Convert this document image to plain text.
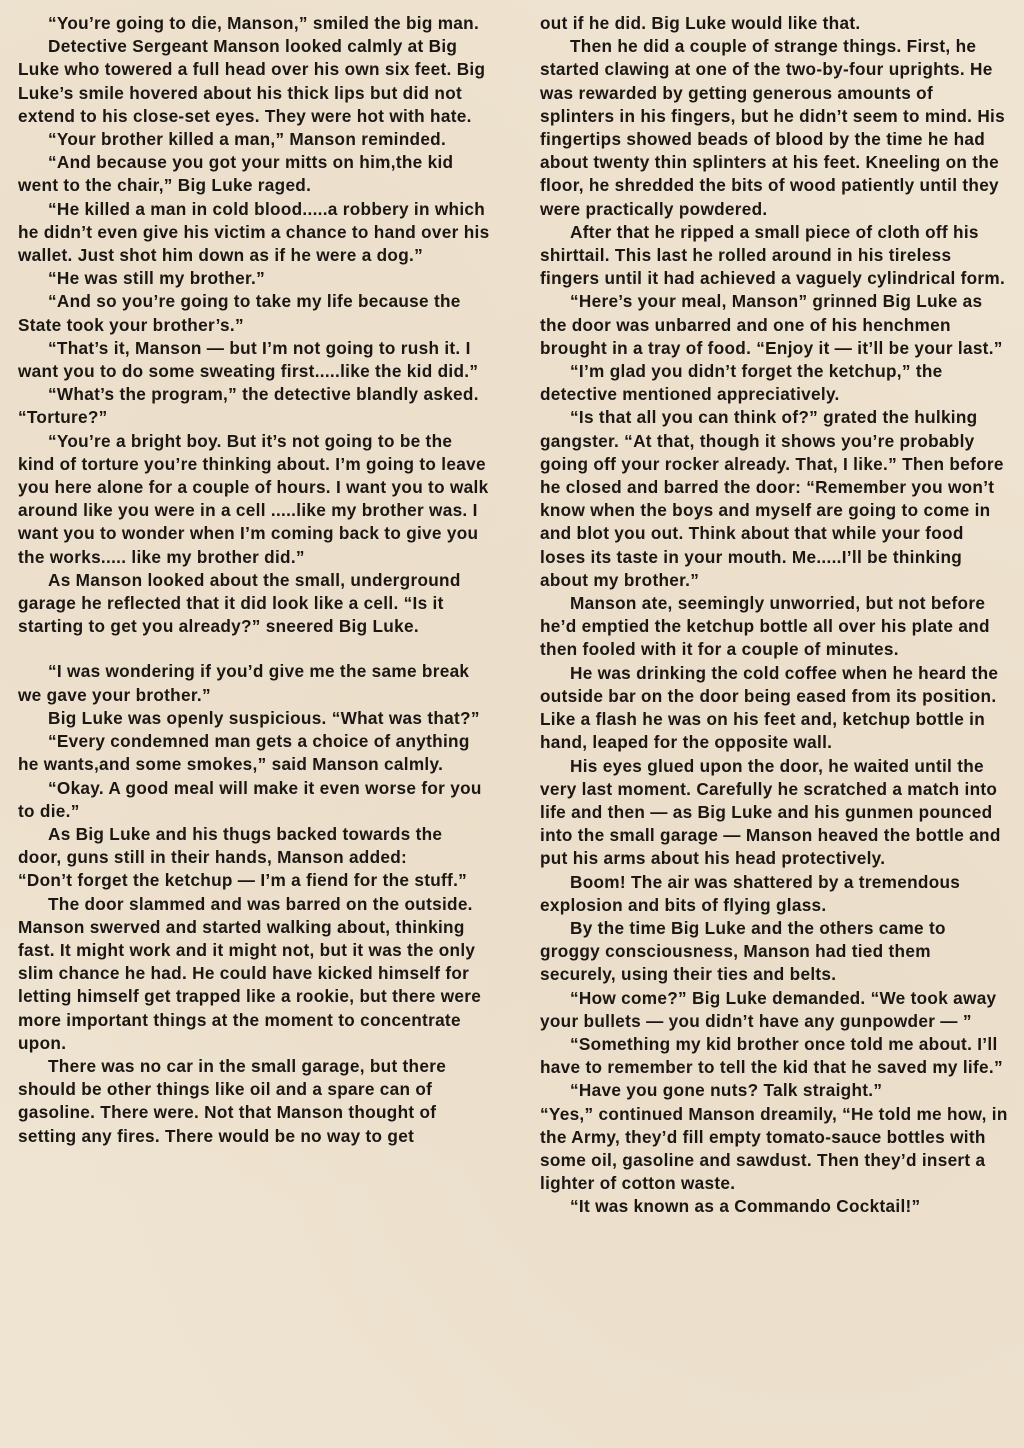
“You’re going to die, Manson,” smiled the big man.

Detective Sergeant Manson looked calmly at Big Luke who towered a full head over his own six feet. Big Luke’s smile hovered about his thick lips but did not extend to his close-set eyes. They were hot with hate.

“Your brother killed a man,” Manson reminded.

“And because you got your mitts on him,the kid went to the chair,” Big Luke raged.

“He killed a man in cold blood.....a robbery in which he didn’t even give his victim a chance to hand over his wallet. Just shot him down as if he were a dog.”

“He was still my brother.”

“And so you’re going to take my life because the State took your brother’s.”

“That’s it, Manson — but I’m not going to rush it. I want you to do some sweating first.....like the kid did.”

“What’s the program,” the detective blandly asked. “Torture?”

“You’re a bright boy. But it’s not going to be the kind of torture you’re thinking about. I’m going to leave you here alone for a couple of hours. I want you to walk around like you were in a cell .....like my brother was. I want you to wonder when I’m coming back to give you the works..... like my brother did.”

As Manson looked about the small, underground garage he reflected that it did look like a cell. “Is it starting to get you already?” sneered Big Luke.

“I was wondering if you’d give me the same break we gave your brother.”

Big Luke was openly suspicious. “What was that?”

“Every condemned man gets a choice of anything he wants,and some smokes,” said Manson calmly.

“Okay. A good meal will make it even worse for you to die.”

As Big Luke and his thugs backed towards the door, guns still in their hands, Manson added:

“Don’t forget the ketchup — I’m a fiend for the stuff.”

The door slammed and was barred on the outside. Manson swerved and started walking about, thinking fast. It might work and it might not, but it was the only slim chance he had. He could have kicked himself for letting himself get trapped like a rookie, but there were more important things at the moment to concentrate upon.

There was no car in the small garage, but there should be other things like oil and a spare can of gasoline. There were. Not that Manson thought of setting any fires. There would be no way to get

out if he did. Big Luke would like that.

Then he did a couple of strange things. First, he started clawing at one of the two-by-four uprights. He was rewarded by getting generous amounts of splinters in his fingers, but he didn’t seem to mind. His fingertips showed beads of blood by the time he had about twenty thin splinters at his feet. Kneeling on the floor, he shredded the bits of wood patiently until they were practically powdered.

After that he ripped a small piece of cloth off his shirttail. This last he rolled around in his tireless fingers until it had achieved a vaguely cylindrical form.

“Here’s your meal, Manson” grinned Big Luke as the door was unbarred and one of his henchmen brought in a tray of food. “Enjoy it — it’ll be your last.”

“I’m glad you didn’t forget the ketchup,” the detective mentioned appreciatively.

“Is that all you can think of?” grated the hulking gangster. “At that, though it shows you’re probably going off your rocker already. That, I like.” Then before he closed and barred the door: “Remember you won’t know when the boys and myself are going to come in and blot you out. Think about that while your food loses its taste in your mouth. Me.....I’ll be thinking about my brother.”

Manson ate, seemingly unworried, but not before he’d emptied the ketchup bottle all over his plate and then fooled with it for a couple of minutes.

He was drinking the cold coffee when he heard the outside bar on the door being eased from its position. Like a flash he was on his feet and, ketchup bottle in hand, leaped for the opposite wall.

His eyes glued upon the door, he waited until the very last moment. Carefully he scratched a match into life and then — as Big Luke and his gunmen pounced into the small garage — Manson heaved the bottle and put his arms about his head protectively.

Boom! The air was shattered by a tremendous explosion and bits of flying glass.

By the time Big Luke and the others came to groggy consciousness, Manson had tied them securely, using their ties and belts.

“How come?” Big Luke demanded. “We took away your bullets — you didn’t have any gunpowder — ”

“Something my kid brother once told me about. I’ll have to remember to tell the kid that he saved my life.”

“Have you gone nuts? Talk straight.”

“Yes,” continued Manson dreamily, “He told me how, in the Army, they’d fill empty tomato-sauce bottles with some oil, gasoline and sawdust. Then they’d insert a lighter of cotton waste.

“It was known as a Commando Cocktail!”
